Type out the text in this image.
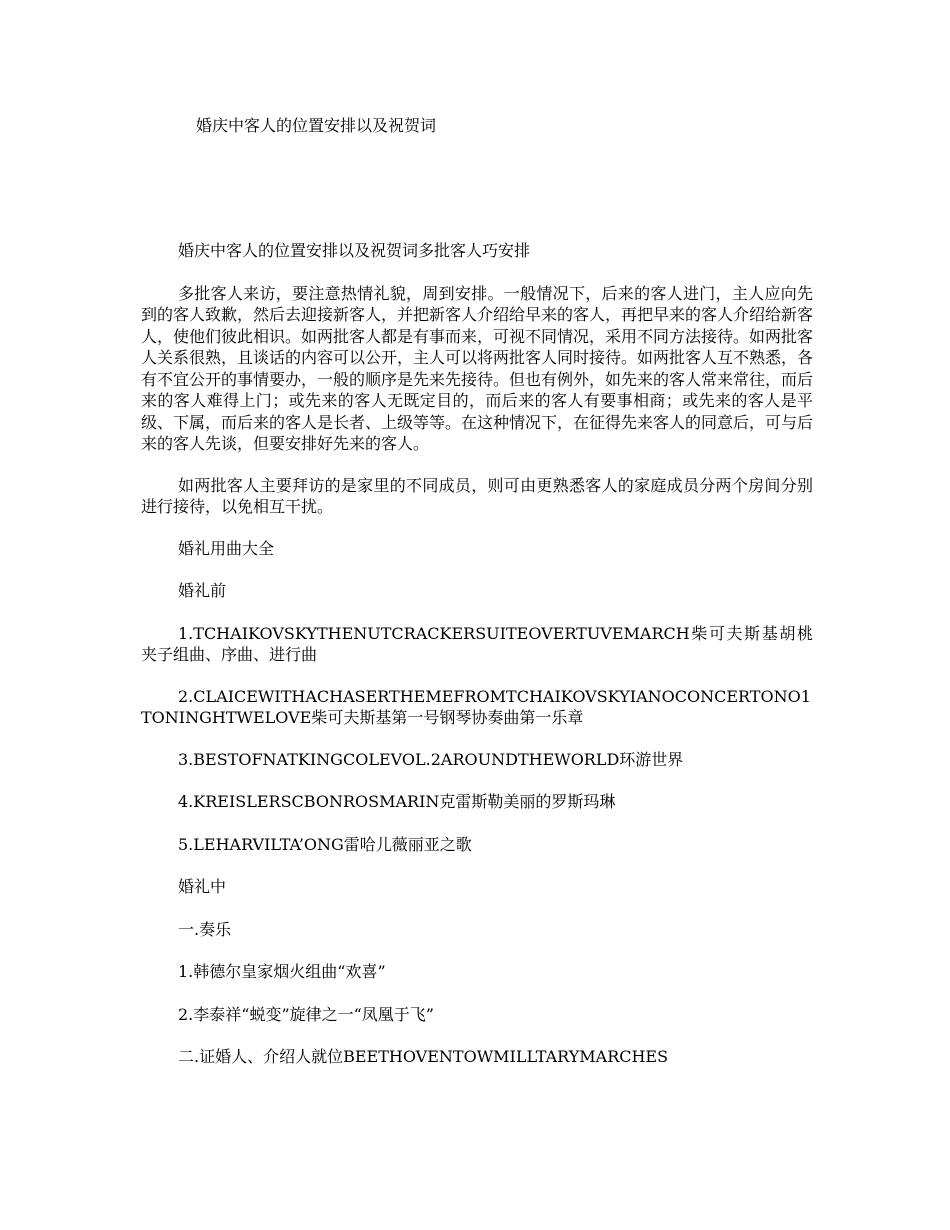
婚庆中客人的位置安排以及祝贺词

婚庆中客人的位置安排以及祝贺词多批客人巧安排

多批客人来访，要注意热情礼貌，周到安排。一般情况下，后来的客人进门，主人应向先到的客人致歉，然后去迎接新客人，并把新客人介绍给早来的客人，再把早来的客人介绍给新客人，使他们彼此相识。如两批客人都是有事而来，可视不同情况，采用不同方法接待。如两批客人关系很熟，且谈话的内容可以公开，主人可以将两批客人同时接待。如两批客人互不熟悉，各有不宜公开的事情要办，一般的顺序是先来先接待。但也有例外，如先来的客人常来常往，而后来的客人难得上门；或先来的客人无既定目的，而后来的客人有要事相商；或先来的客人是平级、下属，而后来的客人是长者、上级等等。在这种情况下，在征得先来客人的同意后，可与后来的客人先谈，但要安排好先来的客人。

如两批客人主要拜访的是家里的不同成员，则可由更熟悉客人的家庭成员分两个房间分别进行接待，以免相互干扰。

婚礼用曲大全

婚礼前

1.TCHAIKOVSKYTHENUTCRACKERSUITEOVERTUVEMARCH柴可夫斯基胡桃夹子组曲、序曲、进行曲

2.CLAICEWITHACHASERTHEMEFROMTCHAIKOVSKYIANOCONCERTONO1TONINGHTWELOVE柴可夫斯基第一号钢琴协奏曲第一乐章

3.BESTOFNATKINGCOLEVOL.2AROUNDTHEWORLD环游世界

4.KREISLERSCBONROSMARIN克雷斯勒美丽的罗斯玛琳

5.LEHARVILTA’ONG雷哈儿薇丽亚之歌

婚礼中

一.奏乐

1.韩德尔皇家烟火组曲“欢喜”

2.李泰祥“蜕变”旋律之一“凤凰于飞”

二.证婚人、介绍人就位BEETHOVENTOWMILLTARYMARCHES
